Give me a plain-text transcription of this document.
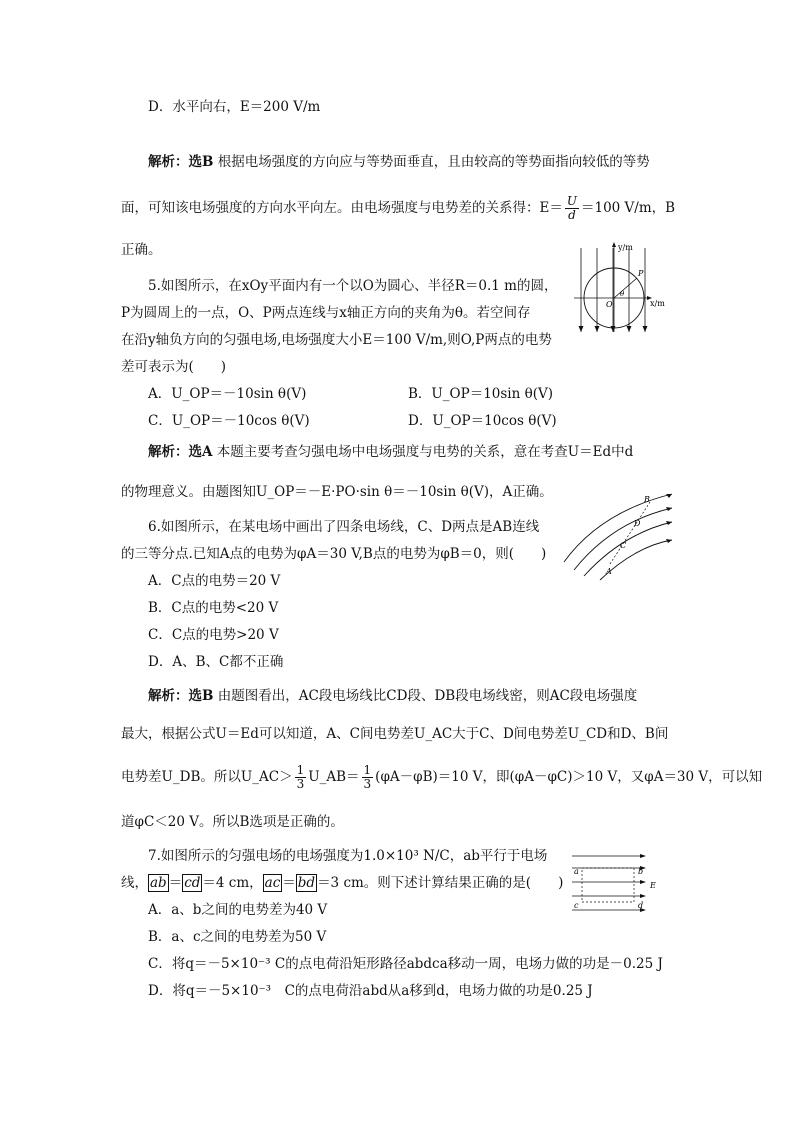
D．水平向右，E＝200 V/m
解析：选B 根据电场强度的方向应与等势面垂直，且由较高的等势面指向较低的等势
面，可知该电场强度的方向水平向左。由电场强度与电势差的关系得：$E= \frac{U}{d} =100$ V/m，B
正确。
5.如图所示，在xOy平面内有一个以O为圆心、半径R＝0.1 m的圆，
P为圆周上的一点，O、P两点连线与x轴正方向的夹角为θ。若空间存
在沿y轴负方向的匀强电场,电场强度大小E＝100 V/m,则O,P两点的电势
差可表示为(　　)
y/m
x/m
O
P
θ
A．U_OP＝－10sin θ(V)	B．U_OP＝10sin θ(V)
C．U_OP＝－10cos θ(V)	D．U_OP＝10cos θ(V)
解析：选A 本题主要考查匀强电场中电场强度与电势的关系，意在考查U＝Ed中d
的物理意义。由题图知U_OP＝－E·PO·sin θ＝－10sin θ(V)，A正确。
6.如图所示，在某电场中画出了四条电场线，C、D两点是AB连线
的三等分点.已知A点的电势为φA＝30 V,B点的电势为φB＝0，则(　　)
B
D
C
A
A．C点的电势＝20 V
B．C点的电势<20 V
C．C点的电势>20 V
D．A、B、C都不正确
解析：选B 由题图看出，AC段电场线比CD段、DB段电场线密，则AC段电场强度
最大，根据公式U＝Ed可以知道，A、C间电势差U_AC大于C、D间电势差U_CD和D、B间
电势差U_DB。所以U_AC＞ $\frac{1}{3}$ U_AB＝ $\frac{1}{3} (\varphi A-\varphi B)=10$ V，即(φA－φC)＞10 V，又φA＝30 V，可以知
道φC＜20 V。所以B选项是正确的。
7.如图所示的匀强电场的电场强度为1.0×10³ N/C，ab平行于电场
线， ab ＝ cd ＝4 cm， ac ＝ bd ＝3 cm。则下述计算结果正确的是(　　)
a	b
c	d
E
A．a、b之间的电势差为40 V
B．a、c之间的电势差为50 V
C．将q＝－5×10⁻³ C的点电荷沿矩形路径abdca移动一周，电场力做的功是－0.25 J
D．将q＝－5×10⁻³　C的点电荷沿abd从a移到d，电场力做的功是0.25 J
